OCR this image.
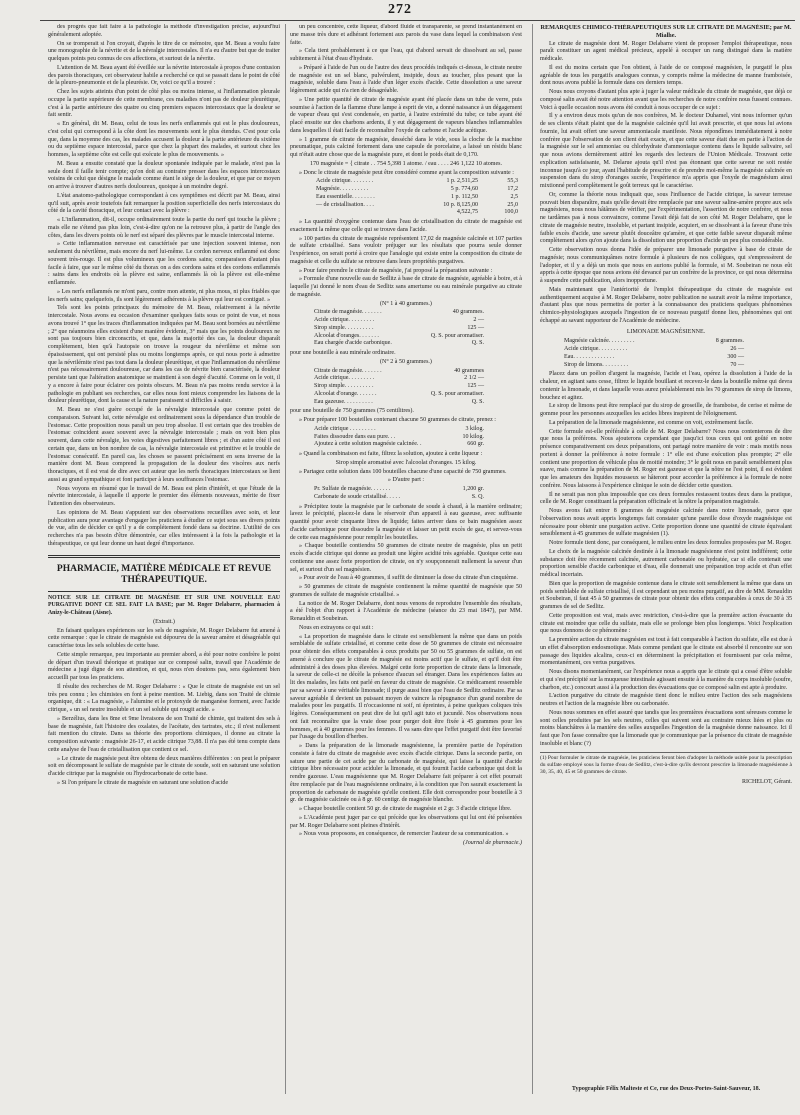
272

des progrès que fait faire à la pathologie la méthode d'investigation précise, aujourd'hui généralement adoptée.

On se tromperait si l'on croyait, d'après le titre de ce mémoire, que M. Beau a voulu faire une monographie de la névrite et de la névralgie intercostales. Il n'a eu d'autre but que de traiter quelques points peu connus de ces affections, et surtout de la névrite.

L'attention de M. Beau ayant été éveillée sur la névrite intercostale à propos d'une contusion des parois thoraciques, cet observateur habile a recherché ce qui se passait dans le point de côté de la pleuro-pneumonie et de la pleurésie. Or, voici ce qu'il a trouvé :

Chez les sujets atteints d'un point de côté plus ou moins intense, si l'inflammation pleurale occupe la partie supérieure de cette membrane, ces maladies n'ont pas de douleur pleurétique, c'est à la partie antérieure des quatre ou cinq premiers espaces intercostaux que la douleur se fait sentir.

« En général, dit M. Beau, celui de tous les nerfs enflammés qui est le plus douloureux, c'est celui qui correspond à la côte dont les mouvements sont le plus étendus. C'est pour cela que, dans la moyenne des cas, les malades accusent la douleur à la partie antérieure du sixième ou du septième espace intercostal, parce que chez la plupart des malades, et surtout chez les hommes, la septième côte est celle qui exécute le plus de mouvements. »

M. Beau a ensuite constaté que la douleur spontanée indiquée par le malade, n'est pas la seule dont il faille tenir compte; qu'on doit au contraire presser dans les espaces intercostaux voisins de celui que désigne le malade comme étant le siège de la douleur, et que par ce moyen on arrive à trouver d'autres nerfs douloureux, quoique à un moindre degré.

L'état anatomo-pathologique correspondant à ces symptômes est décrit par M. Beau, ainsi qu'il suit, après avoir toutefois fait remarquer la position superficielle des nerfs intercostaux du côté de la cavité thoracique, et leur contact avec la plèvre :

« L'inflammation, dit-il, occupe ordinairement toute la partie du nerf qui touche la plèvre ; mais elle ne s'étend pas plus loin, c'est-à-dire qu'on ne la retrouve plus, à partir de l'angle des côtes, dans les divers points où le nerf est séparé des plèvres par le muscle intercostal interne.

» Cette inflammation nerveuse est caractérisée par une injection souvent intense, non seulement du névrilème, mais encore du nerf lui-même. Le cordon nerveux enflammé est donc souvent très-rouge. Il est plus volumineux que les cordons sains; comparaison d'autant plus facile à faire, que sur le même côté du thorax on a des cordons sains et des cordons enflammés : sains dans les endroits où la plèvre est saine, enflammés là où la plèvre est elle-même enflammée.

» Les nerfs enflammés ne m'ont paru, contre mon attente, ni plus mous, ni plus friables que les nerfs sains; quelquefois, ils sont légèrement adhérents à la plèvre qui leur est contiguë. »

Tels sont les points principaux du mémoire de M. Beau, relativement à la névrite intercostale. Nous avons eu occasion d'examiner quelques faits sous ce point de vue, et nous avons trouvé 1° que les traces d'inflammation indiquées par M. Beau sont bornées au névrilème ; 2° que néanmoins elles existent d'une manière évidente, 3° mais que les points douloureux ne sont pas toujours bien circonscrits, et que, dans la majorité des cas, la douleur disparaît complètement, bien qu'à l'autopsie on trouve la rougeur du névrilème et même son épaississement, qui ont persisté plus ou moins longtemps après, ce qui nous porte à admettre que la névrilémite n'est pas tout dans la douleur pleurétique, et que l'inflammation du névrilème n'est pas nécessairement douloureuse, car dans les cas de névrite bien caractérisée, la douleur persiste tant que l'altération anatomique se maintient à son degré d'acuité. Comme on le voit, il y a encore à faire pour éclairer ces points obscurs. M. Beau n'a pas moins rendu service à la pathologie en publiant ses recherches, car elles nous font mieux comprendre les liaisons de la douleur pleurétique, dont la cause et la nature paraissent si difficiles à saisir.

M. Beau ne s'est guère occupé de la névralgie intercostale que comme point de comparaison. Suivant lui, cette névralgie est ordinairement sous la dépendance d'un trouble de l'estomac. Cette proposition nous paraît un peu trop absolue. Il est certain que des troubles de l'estomac coïncident assez souvent avec la névralgie intercostale ; mais on voit bien plus souvent, dans cette névralgie, les voies digestives parfaitement libres ; et d'un autre côté il est certain que, dans un bon nombre de cas, la névralgie intercostale est primitive et le trouble de l'estomac consécutif. En pareil cas, les choses se passent précisément en sens inverse de la manière dont M. Beau comprend la propagation de la douleur des viscères aux nerfs thoraciques, et il est vrai de dire avec cet auteur que les nerfs thoraciques intercostaux se lient aussi au grand sympathique et font participer à leurs souffrances l'estomac.

Nous voyons en résumé que le travail de M. Beau est plein d'intérêt, et que l'étude de la névrite intercostale, à laquelle il apporte le premier des éléments nouveaux, mérite de fixer l'attention des observateurs.

Les opinions de M. Beau s'appuient sur des observations recueillies avec soin, et leur publication aura pour avantage d'engager les praticiens à étudier ce sujet sous ses divers points de vue, afin de décider ce qu'il y a de complétement fondé dans sa doctrine. L'utilité de ces recherches n'a pas besoin d'être démontrée, car elles intéressent à la fois la pathologie et la thérapeutique, ce qui leur donne un haut degré d'importance.

PHARMACIE, MATIÈRE MÉDICALE ET REVUE THÉRAPEUTIQUE.

NOTICE SUR LE CITRATE DE MAGNÉSIE ET SUR UNE NOUVELLE EAU PURGATIVE DONT CE SEL FAIT LA BASE; par M. Roger Delabarre, pharmacien à Anizy-le-Château (Aisne).

(Extrait.)

En faisant quelques expériences sur les sels de magnésie, M. Roger Delabarre fut amené à cette remarque : que le citrate de magnésie est dépourvu de la saveur amère et désagréable qui caractérise tous les sels solubles de cette base.

Cette simple remarque, peu importante au premier abord, a été pour notre confrère le point de départ d'un travail théorique et pratique sur ce composé salin, travail que l'Académie de médecine a jugé digne de son attention, et qui, nous n'en doutons pas, sera également bien accueilli par tous les praticiens.

Il résulte des recherches de M. Roger Delabarre : « Que le citrate de magnésie est un sel très peu connu ; les chimistes en font à peine mention. M. Liebig, dans son Traité de chimie organique, dit : « La magnésie, » l'alumine et le protoxyde de manganèse forment, avec l'acide citrique, » un sel neutre insoluble et un sel soluble qui rougit acide. »

» Berzélius, dans les 8me et 9me livraisons de son Traité de chimie, qui traitent des sels à base de magnésie, fait l'histoire des oxalates, de l'acétate, des tartrates, etc.; il n'est nullement fait mention du citrate. Dans sa théorie des proportions chimiques, il donne au citrate la composition suivante : magnésie 26-17, et acide citrique 73,88. Il n'a pas été tenu compte dans cette analyse de l'eau de cristallisation que contient ce sel.

» Le citrate de magnésie peut être obtenu de deux manières différentes : on peut le préparer soit en décomposant le sulfate de magnésie par le citrate de soude, soit en saturant une solution d'acide citrique par la magnésie ou l'hydrocarbonate de cette base.

» Si l'on prépare le citrate de magnésie en saturant une solution d'acide

un peu concentrée, cette liqueur, d'abord fluide et transparente, se prend instantanément en une masse très dure et adhérant fortement aux parois du vase dans lequel la combinaison s'est faite.

» Cela tient probablement à ce que l'eau, qui d'abord servait de dissolvant au sel, passe subitement à l'état d'eau d'hydrate.

» Préparé à l'aide de l'un ou de l'autre des deux procédés indiqués ci-dessus, le citrate neutre de magnésie est un sel blanc, pulvérulent, insipide, doux au toucher, plus pesant que la magnésie, soluble dans l'eau à l'aide d'un léger excès d'acide. Cette dissolution a une saveur légèrement acide qui n'a rien de désagréable.

» Une petite quantité de citrate de magnésie ayant été placée dans un tube de verre, puis soumise à l'action de la flamme d'une lampe à esprit de vin, a donné naissance à un dégagement de vapeur d'eau qui s'est condensée, en partie, à l'autre extrémité du tube; ce tube ayant été placé ensuite sur des charbons ardents, il y eut dégagement de vapeurs blanches inflammables dans lesquelles il était facile de reconnaître l'oxyde de carbone et l'acide acétique.

» 1 gramme de citrate de magnésie, desséché dans le vide, sous la cloche de la machine pneumatique, puis calciné fortement dans une capsule de porcelaine, a laissé un résidu blanc qui n'était autre chose que de la magnésie pure, et dont le poids était de 0,170.

170 magnésie = { citrate . . 754 5,398 1 atome. / eau . . . . 246 1,122 10 atomes.

» Donc le citrate de magnésie peut être considéré comme ayant la composition suivante :

Acide citrique. . . . . . . .	1 p. 2,511,25	55,3
Magnésie. . . . . . . . . .	5 p. 774,60	17,2
Eau essentielle. . . . . . . .	1 p. 112,50	2,5
— de cristallisation. . . .	10 p. 8,125,00	25,0
4,522,75	100,0

» La quantité d'oxygène contenue dans l'eau de cristallisation du citrate de magnésie est exactement la même que celle qui se trouve dans l'acide.

» 100 parties du citrate de magnésie représentent 17,02 de magnésie calcinée et 107 parties de sulfate cristallisé. Sans vouloir préjuger sur les résultats que pourra seule donner l'expérience, on serait porté à croire que l'analogie qui existe entre la composition du citrate de magnésie et celle du sulfate se retrouve dans leurs propriétés purgatives.

» Pour faire prendre le citrate de magnésie, j'ai proposé la préparation suivante :

» Formule d'une nouvelle eau de Sedlitz à base de citrate de magnésie, agréable à boire, et à laquelle j'ai donné le nom d'eau de Sedlitz sans amertume ou eau minérale purgative au citrate de magnésie.

(N° 1 à 40 grammes.)

Citrate de magnésie. . . . . . .	40 grammes.
Acide citrique. . . . . . . . .	2 —
Sirop simple. . . . . . . . . .	125 —
Alcoolat d'oranges. . . . . . .	Q. S. pour aromatiser.
Eau chargée d'acide carbonique.	Q. S.

pour une bouteille à eau minérale ordinaire.

(N° 2 à 50 grammes.)

Citrate de magnésie. . . . . . .	40 grammes
Acide citrique. . . . . . . . .	2 1/2 —
Sirop simple. . . . . . . . . .	125 —
Alcoolat d'orange. . . . . . .	Q. S. pour aromatiser.
Eau gazeuse. . . . . . . . . .	Q. S.

pour une bouteille de 750 grammes (75 centilitres).

» Pour préparer 100 bouteilles contenant chacune 50 grammes de citrate, prenez :

Acide citrique . . . . . . . . .	3 kilog.
Faites dissoudre dans eau pure. . .	10 kilog.
Ajoutez à cette solution magnésie calcinée. .	660 gr.

» Quand la combinaison est faite, filtrez la solution, ajoutez à cette liqueur :

Sirop simple aromatisé avec l'alcoolat d'oranges. 15 kilog.

» Partagez cette solution dans 100 bouteilles chacune d'une capacité de 750 grammes.

» D'autre part :

Pr. Sulfate de magnésie. . . . . . .	1,200 gr.
Carbonate de soude cristallisé. . . . .	S. Q.

» Précipitez toute la magnésie par le carbonate de soude à chaud, à la manière ordinaire; lavez le précipité, placez-le dans le réservoir d'un appareil à eau gazeuse, avec suffisante quantité pour avoir cinquante litres de liquide; faites arriver dans ce bain magnésien assez d'acide carbonique pour dissoudre la magnésie et laisser un petit excès de gaz, et servez-vous de cette eau magnésienne pour remplir les bouteilles.

» Chaque bouteille contiendra 50 grammes de citrate neutre de magnésie, plus un petit excès d'acide citrique qui donne au produit une légère acidité très agréable. Quoique cette eau contienne une assez forte proportion de citrate, on n'y soupçonnerait nullement la saveur d'un sel, et surtout d'un sel magnésien.

» Pour avoir de l'eau à 40 grammes, il suffit de diminuer la dose du citrate d'un cinquième.

» 50 grammes de citrate de magnésie contiennent la même quantité de magnésie que 50 grammes de sulfate de magnésie cristallisé. »

La notice de M. Roger Delabarre, dont nous venons de reproduire l'ensemble des résultats, a été l'objet d'un rapport à l'Académie de médecine (séance du 23 mai 1847), par MM. Renauldin et Soubeiran.

Nous en extrayons ce qui suit :

« La proportion de magnésie dans le citrate est sensiblement la même que dans un poids semblable de sulfate cristallisé, et comme cette dose de 50 grammes de citrate est nécessaire pour obtenir des effets comparables à ceux produits par 50 ou 55 grammes de sulfate, on est amené à conclure que le citrate de magnésie est moins actif que le sulfate, et qu'il doit être administré à des doses plus élevées. Malgré cette forte proportion de citrate dans la limonade, la saveur de celle-ci ne décèle la présence d'aucun sel étranger. Dans les expériences faites au lit des malades, les faits ont parlé en faveur du citrate de magnésie. Ce médicament ressemble par sa saveur à une véritable limonade; il purge aussi bien que l'eau de Sedlitz ordinaire. Par sa saveur agréable il devient un puissant moyen de vaincre la répugnance d'un grand nombre de malades pour les purgatifs. Il n'occasionne ni soif, ni épreintes, à peine quelques coliques très légères. Conséquemment on peut dire de lui qu'il agit tuto et jucundè. Nos observations nous ont fait reconnaître que la vraie dose pour purger doit être fixée à 45 grammes pour les hommes, et à 40 grammes pour les femmes. Il va sans dire que l'effet purgatif doit être favorisé par l'usage du bouillon d'herbes.

» Dans la préparation de la limonade magnésienne, la première partie de l'opération consiste à faire du citrate de magnésie avec excès d'acide citrique. Dans la seconde partie, on sature une partie de cet acide par du carbonate de magnésie, qui laisse la quantité d'acide citrique libre nécessaire pour aciduler la limonade, et qui fournit l'acide carbonique qui doit la rendre gazeuse. L'eau magnésienne que M. Roger Delabarre fait préparer à cet effet pourrait être remplacée par de l'eau magnésienne ordinaire, à la condition que l'on saurait exactement la proportion de carbonate de magnésie qu'elle contient. Elle doit correspondre pour bouteille à 3 gr. de magnésie calcinée ou à 8 gr. 60 centigr. de magnésie blanche.

» Chaque bouteille contient 50 gr. de citrate de magnésie et 2 gr. 3 d'acide citrique libre.

» L'Académie peut juger par ce qui précède que les observations qui lui ont été présentées par M. Roger Delabarre sont pleines d'intérêt.

» Nous vous proposons, en conséquence, de remercier l'auteur de sa communication. »

(Journal de pharmacie.)

REMARQUES CHIMICO-THÉRAPEUTIQUES SUR LE CITRATE DE MAGNÉSIE; par M. Mialhe.

Le citrate de magnésie dont M. Roger Delabarre vient de proposer l'emploi thérapeutique, nous paraît constituer un agent médical précieux, appelé à occuper un rang distingué dans la matière médicale.

Il est du moins certain que l'on obtient, à l'aide de ce composé magnésien, le purgatif le plus agréable de tous les purgatifs analogues connus, y compris même la médecine de manne framboisée, dont nous avons publié la formule dans ces derniers temps.

Nous nous croyons d'autant plus apte à juger la valeur médicale du citrate de magnésie, que déjà ce composé salin avait été notre attention avant que les recherches de notre confrère nous fussent connues. Voici à quelle occasion nous avons été conduit à nous occuper de ce sujet :

Il y a environ deux mois qu'un de nos confrères, M. le docteur Duhamel, vint nous informer qu'un de ses clients s'était plaint que de la magnésie calcinée qu'il lui avait prescrite, et que nous lui avions fournie, lui avait offert une saveur ammoniacale manifeste. Nous répondîmes immédiatement à notre confrère que l'observation de son client était exacte, et que cette saveur était due en partie à l'action de la magnésie sur le sel ammoniac ou chlorhydrate d'ammoniaque contenu dans le liquide salivaire, sel que nous avions dernièrement attiré les regards des lecteurs de l'Union Médicale. Trouvant cette explication satisfaisante, M. Delarue ajouta qu'il n'est pas étonnant que cette saveur ne soit restée inconnue jusqu'à ce jour, ayant l'habitude de prescrire et de prendre moi-même la magnésie calcinée en suspension dans du sirop d'oranges sucrée, l'expérience m'a appris que l'oxyde de magnésium ainsi mixtionné perd complètement le goût terreux qui le caractérise.

Or, comme la théorie nous indiquait que, sous l'influence de l'acide citrique, la saveur terreuse pouvait bien disparaître, mais qu'elle devait être remplacée par une saveur saline-amère propre aux sels magnésiens, nous nous hâtâmes de vérifier, par l'expérimentation, l'assertion de notre confrère, et nous ne tardâmes pas à nous convaincre, comme l'avait déjà fait de son côté M. Roger Delabarre, que le citrate de magnésie neutre, insoluble, et partant insipide, acquiert, en se dissolvant à la faveur d'une très faible excès d'acide, une saveur plutôt douceâtre qu'amère, et que cette faible saveur disparaît même complètement alors qu'on ajoute dans la dissolution une proportion d'acide un peu plus considérable.

Cette observation nous donna l'idée de préparer une limonade purgative à base de citrate de magnésie; nous communiquâmes notre formule à plusieurs de nos collègues, qui s'empressèrent de l'adopter, et il y a déjà un mois que nous en aurions publié la formule, si M. Soubeiran ne nous eût appris à cette époque que nous avions été devancé par un confrère de la province, ce qui nous détermina à suspendre cette publication, alors inopportune.

Mais maintenant que l'antériorité de l'emploi thérapeutique du citrate de magnésie est authentiquement acquise à M. Roger Delabarre, notre publication ne saurait avoir la même importance, d'autant plus que nous permettra de porter à la connaissance des praticiens quelques phénomènes chimico-physiologiques auxquels l'ingestion de ce nouveau purgatif donne lieu, phénomènes qui ont échappé au savant rapporteur de l'Académie de médecine.

LIMONADE MAGNÉSIENNE.

Magnésie calcinée. . . . . . . . .	8 grammes.
Acide citrique. . . . . . . . . .	26 —
Eau. . . . . . . . . . . . . .	300 —
Sirop de limons. . . . . . . . .	70 —

Placez dans un poêlon d'argent la magnésie, l'acide et l'eau, opérez la dissolution à l'aide de la chaleur, en agitant sans cesse, filtrez le liquide bouillant et recevez-le dans la bouteille même qui devra contenir la limonade, et dans laquelle vous aurez préalablement mis les 70 grammes de sirop de limons, bouchez et agitez.

Le sirop de limons peut être remplacé par du sirop de groseille, de framboise, de cerise et même de gomme pour les personnes auxquelles les acides libres inspirent de l'éloignement.

La préparation de la limonade magnésienne, est comme on voit, extrêmement facile.

Cette formule est-elle préférable à celle de M. Roger Delabarre? Nous nous contenterons de dire que nous la préférons. Nous ajouterons cependant que jusqu'ici tous ceux qui ont goûté en notre présence comparativement ces deux préparations, ont partagé notre manière de voir : mais motifs nous portent à donner la préférence à notre formule : 1° elle est d'une exécution plus prompte; 2° elle contient une proportion de véhicule plus de moitié moindre; 3° le goût nous en paraît sensiblement plus suave, mais comme la préparation de M. Roger est gazeuse et que la nôtre ne l'est point, il est évident que les amateurs des liquides mousseux se hâteront pour accorder la préférence à la formule de notre confrère. Nous laissons à l'expérience clinique le soin de décider cette question.

Il ne serait pas non plus impossible que ces deux formules restassent toutes deux dans la pratique, celle de M. Roger constituant la préparation officinale et la nôtre la préparation magistrale.

Nous avons fait entrer 8 grammes de magnésie calcinée dans notre limonade, parce que l'observation nous avait appris longtemps fait constater qu'une pareille dose d'oxyde magnésique est nécessaire pour obtenir une purgation active. Cette proportion donne une quantité de citrate équivalant sensiblement à 45 grammes de sulfate magnésien (1).

Notre formule tient donc, par conséquent, le milieu entre les deux formules proposées par M. Roger.

Le choix de la magnésie calcinée destinée à la limonade magnésienne n'est point indifférent; cette substance doit être récemment calcinée, autrement carbonatée ou hydratée, car si elle contenait une proportion sensible d'acide carbonique et d'eau, elle donnerait une préparation trop acide et d'un effet médical incertain.

Bien que la proportion de magnésie contenue dans le citrate soit sensiblement la même que dans un poids semblable de sulfate cristallisé, il est cependant un peu moins purgatif, au dire de MM. Renauldin et Soubeiran, il faut 45 à 50 grammes de citrate pour obtenir des effets comparables à ceux de 30 à 35 grammes de sel de Sedlitz.

Cette proposition est vrai, mais avec restriction, c'est-à-dire que la première action évacuante du citrate est moindre que celle du sulfate, mais elle se prolonge bien plus longtemps. Voici l'explication que nous donnons de ce phénomène :

La première action du citrate magnésien est tout à fait comparable à l'action du sulfate, elle est due à un effet d'absorption endosmotique. Mais comme pendant que le citrate est absorbé il rencontre sur son passage des liquides alcalins, ceux-ci en déterminent la précipitation et fournissent par cela même, momentanément, ces vertus purgatives.

Nous disons momentanément, car l'expérience nous a appris que le citrate qui a cessé d'être soluble et qui s'est précipité sur la muqueuse intestinale agissant ensuite à la manière du corps insoluble (soufre, charbon, etc.) concourt aussi à la production des évacuations que ce composé salin est apte à produire.

L'action purgative du citrate de magnésie tient donc le milieu entre l'action des sels magnésiens neutres et l'action de la magnésie libre ou carbonatée.

Nous nous sommes en effet assuré que tandis que les premières évacuations sont séreuses comme le sont celles produites par les sels neutres, celles qui suivent sont au contraire mieux liées et plus ou moins blanchâtres à la manière des selles auxquelles l'ingestion de la magnésie donne naissance. Ici il faut que l'on fasse connaître que la limonade que je communique par la présence du citrate de magnésie insoluble et blanc (?)

(1) Pour formuler le citrate de magnésie, les praticiens feront bien d'adopter la méthode usitée pour la prescription du sulfate employé sous la forme d'eau de Sedlitz, c'est-à-dire qu'ils devront prescrire la limonade magnésienne à 30, 35, 40, 45 et 50 grammes de citrate.

RICHELOT, Gérant.

Typographie Félix Malteste et Ce, rue des Deux-Portes-Saint-Sauveur, 18.
